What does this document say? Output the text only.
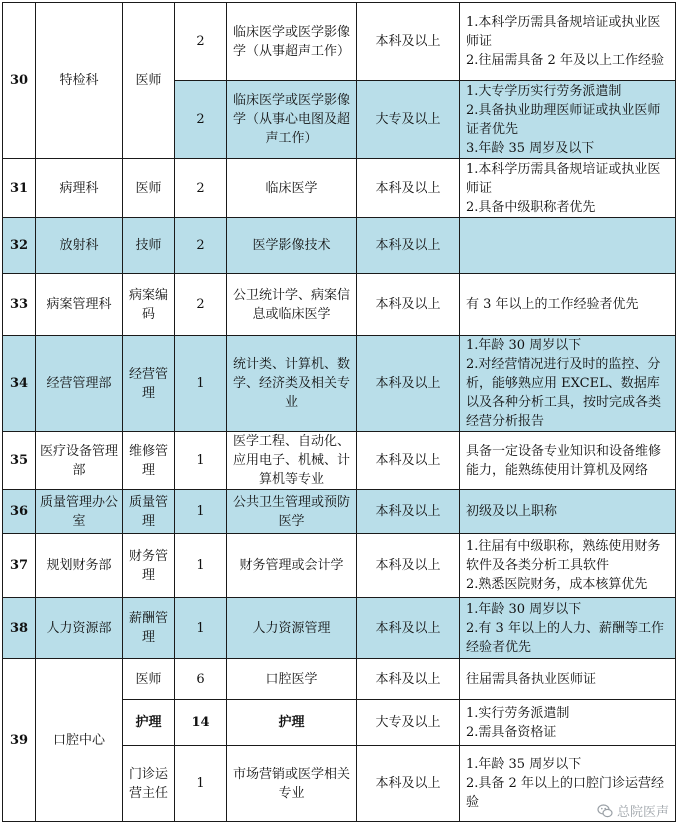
30	特检科	医师	2	临床医学或医学影像学（从事超声工作）	本科及以上	1.本科学历需具备规培证或执业医师证
2.往届需具备 2 年及以上工作经验

			2	临床医学或医学影像学（从事心电图及超声工作）	大专及以上	1.大专学历实行劳务派遣制
2.具备执业助理医师证或执业医师证者优先
3.年龄 35 周岁及以下

31	病理科	医师	2	临床医学	本科及以上	1.本科学历需具备规培证或执业医师证
2.具备中级职称者优先

32	放射科	技师	2	医学影像技术	本科及以上	
33	病案管理科	病案编码	2	公卫统计学、病案信息或临床医学	本科及以上	有 3 年以上的工作经验者优先

34	经营管理部	经营管理	1	统计类、计算机、数学、经济类及相关专业	本科及以上	1.年龄 30 周岁以下
2.对经营情况进行及时的监控、分析，能够熟应用 EXCEL、数据库以及各种分析工具，按时完成各类经营分析报告

35	医疗设备管理部	维修管理	1	医学工程、自动化、应用电子、机械、计算机等专业	本科及以上	具备一定设备专业知识和设备维修能力，能熟练使用计算机及网络

36	质量管理办公室	质量管理	1	公共卫生管理或预防医学	本科及以上	初级及以上职称

37	规划财务部	财务管理	1	财务管理或会计学	本科及以上	1.往届有中级职称，熟练使用财务软件及各类分析工具软件
2.熟悉医院财务，成本核算优先

38	人力资源部	薪酬管理	1	人力资源管理	本科及以上	1.年龄 30 周岁以下
2.有 3 年以上的人力、薪酬等工作经验者优先

39	口腔中心	医师	6	口腔医学	本科及以上	往届需具备执业医师证

		护理	14	护理	大专及以上	1.实行劳务派遣制
2.需具备资格证

		门诊运营主任	1	市场营销或医学相关专业	本科及以上	1.年龄 35 周岁以下
2.具备 2 年以上的口腔门诊运营经验
总院医声
